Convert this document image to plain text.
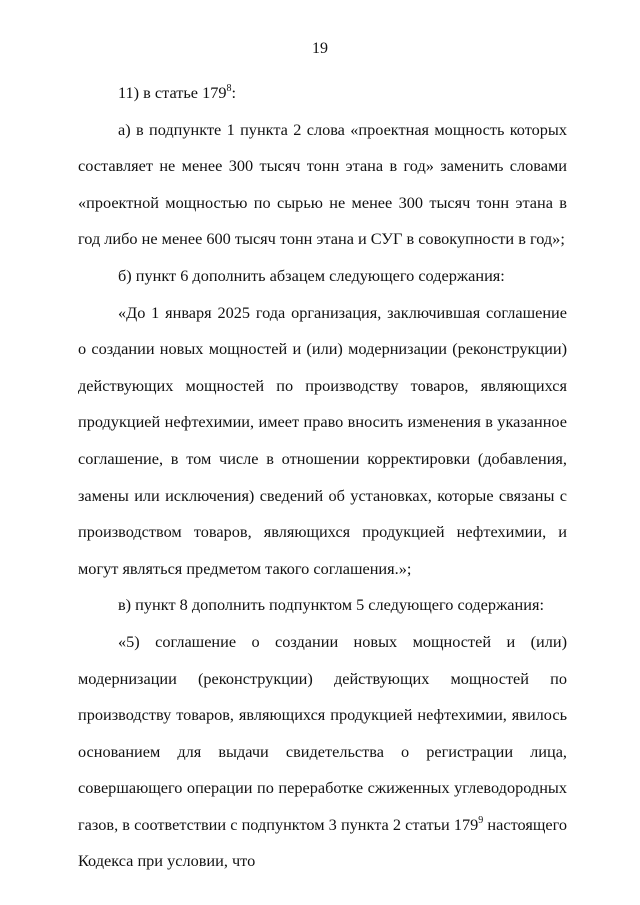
19

11) в статье $179^8$:

а) в подпункте 1 пункта 2 слова «проектная мощность которых составляет не менее 300 тысяч тонн этана в год» заменить словами «проектной мощностью по сырью не менее 300 тысяч тонн этана в год либо не менее 600 тысяч тонн этана и СУГ в совокупности в год»;

б) пункт 6 дополнить абзацем следующего содержания:

«До 1 января 2025 года организация, заключившая соглашение о создании новых мощностей и (или) модернизации (реконструкции) действующих мощностей по производству товаров, являющихся продукцией нефтехимии, имеет право вносить изменения в указанное соглашение, в том числе в отношении корректировки (добавления, замены или исключения) сведений об установках, которые связаны с производством товаров, являющихся продукцией нефтехимии, и могут являться предметом такого соглашения.»;

в) пункт 8 дополнить подпунктом 5 следующего содержания:

«5) соглашение о создании новых мощностей и (или) модернизации (реконструкции) действующих мощностей по производству товаров, являющихся продукцией нефтехимии, явилось основанием для выдачи свидетельства о регистрации лица, совершающего операции по переработке сжиженных углеводородных газов, в соответствии с подпунктом 3 пункта 2 статьи $179^9$ настоящего Кодекса при условии, что
